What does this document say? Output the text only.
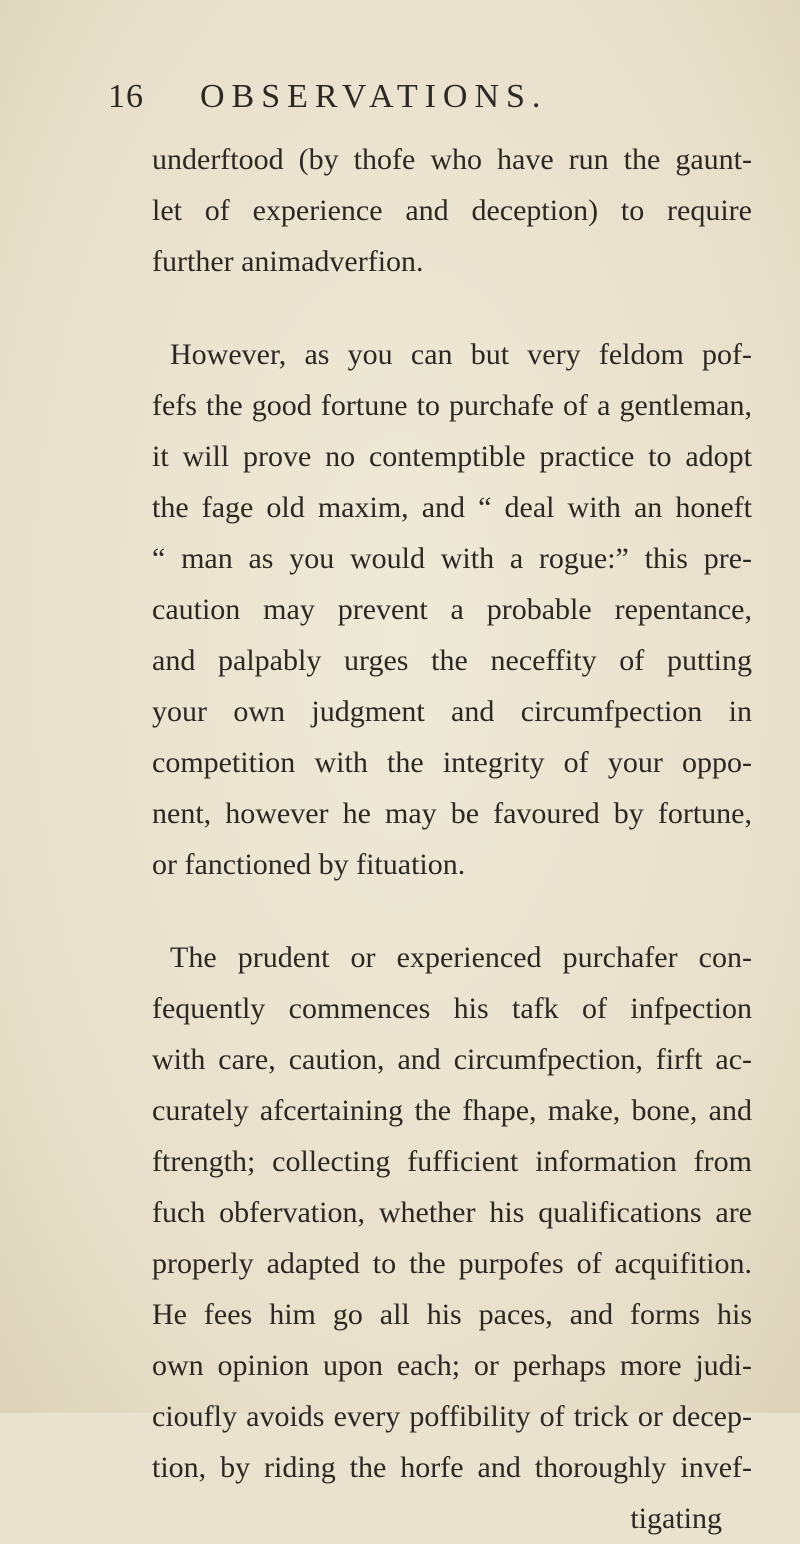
16 OBSERVATIONS.
underftood (by thofe who have run the gaunt-
let of experience and deception) to require
further animadverfion.
However, as you can but very feldom pof-
fefs the good fortune to purchafe of a gentleman,
it will prove no contemptible practice to adopt
the fage old maxim, and “ deal with an honeft
“ man as you would with a rogue:” this pre-
caution may prevent a probable repentance,
and palpably urges the neceffity of putting
your own judgment and circumfpection in
competition with the integrity of your oppo-
nent, however he may be favoured by fortune,
or fanctioned by fituation.
The prudent or experienced purchafer con-
fequently commences his tafk of infpection
with care, caution, and circumfpection, firft ac-
curately afcertaining the fhape, make, bone, and
ftrength; collecting fufficient information from
fuch obfervation, whether his qualifications are
properly adapted to the purpofes of acquifition.
He fees him go all his paces, and forms his
own opinion upon each; or perhaps more judi-
cioufly avoids every poffibility of trick or decep-
tion, by riding the horfe and thoroughly invef-
tigating
